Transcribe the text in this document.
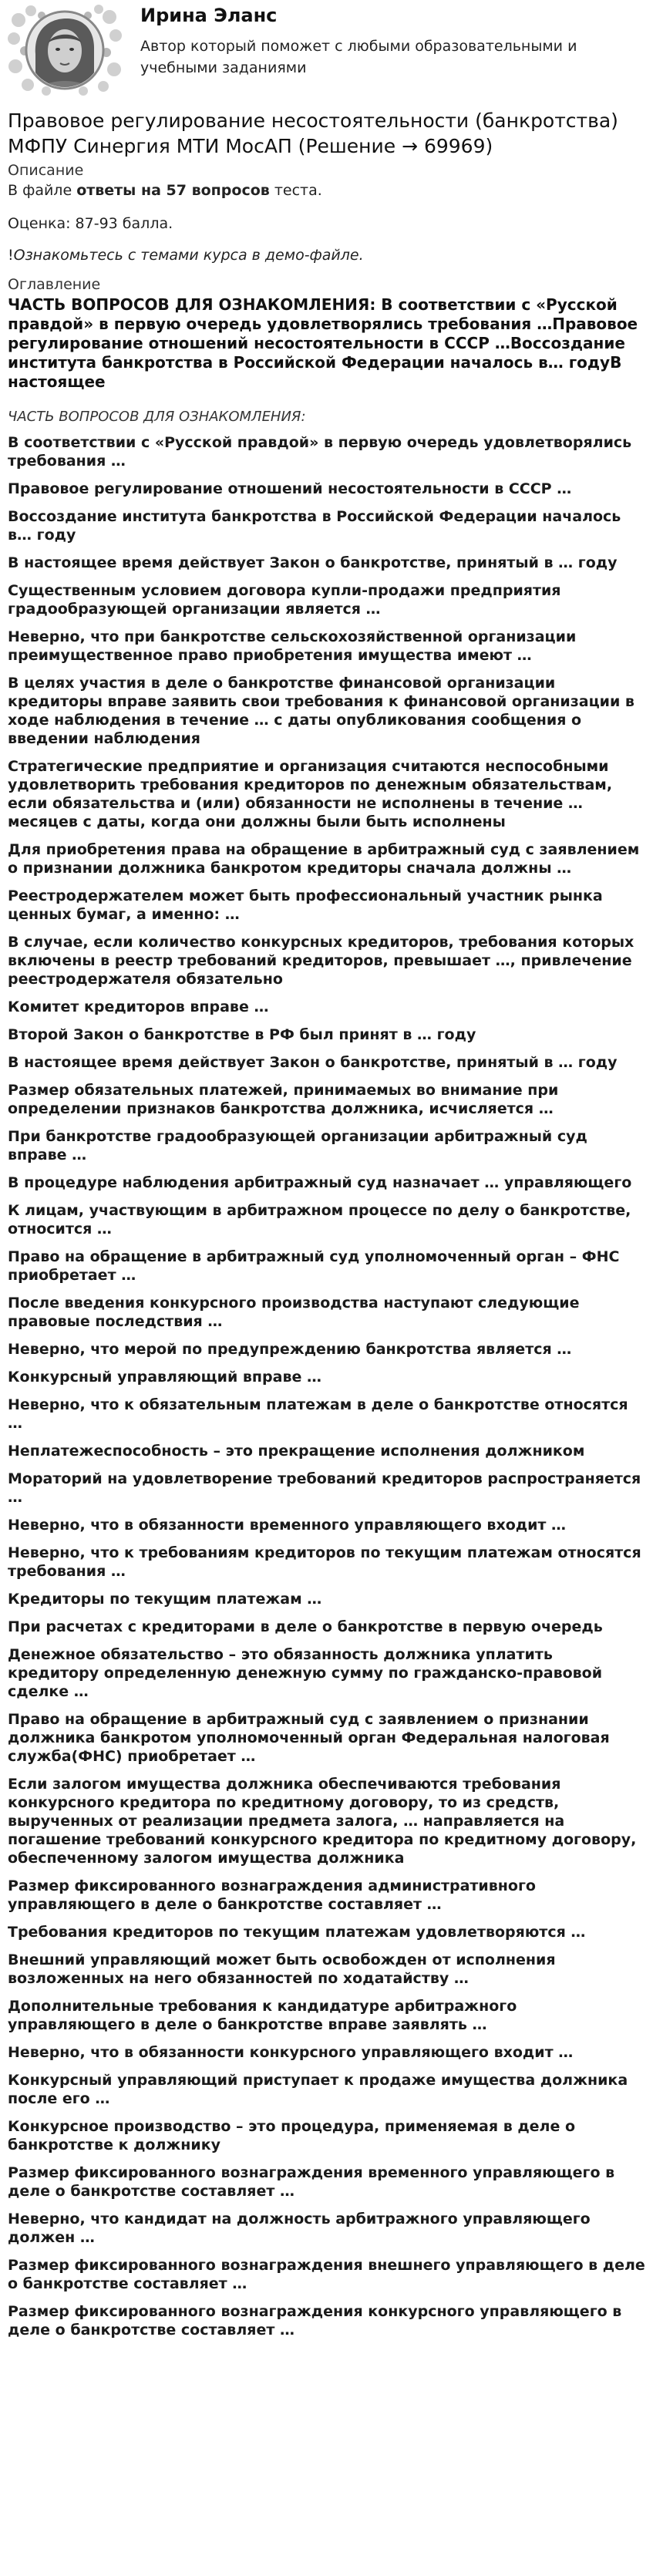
Ирина Эланс
Автор который поможет с любыми образовательными и учебными заданиями
Правовое регулирование несостоятельности (банкротства) МФПУ Синергия МТИ МосАП (Решение → 69969)
Описание
В файле ответы на 57 вопросов теста.
Оценка: 87-93 балла.
!Ознакомьтесь с темами курса в демо-файле.
Оглавление
ЧАСТЬ ВОПРОСОВ ДЛЯ ОЗНАКОМЛЕНИЯ: В соответствии с «Русской правдой» в первую очередь удовлетворялись требования …Правовое регулирование отношений несостоятельности в СССР …Воссоздание института банкротства в Российской Федерации началось в… годуВ настоящее
ЧАСТЬ ВОПРОСОВ ДЛЯ ОЗНАКОМЛЕНИЯ:

В соответствии с «Русской правдой» в первую очередь удовлетворялись требования …

Правовое регулирование отношений несостоятельности в СССР …

Воссоздание института банкротства в Российской Федерации началось в… году

В настоящее время действует Закон о банкротстве, принятый в … году

Существенным условием договора купли-продажи предприятия градообразующей организации является …

Неверно, что при банкротстве сельскохозяйственной организации преимущественное право приобретения имущества имеют …

В целях участия в деле о банкротстве финансовой организации кредиторы вправе заявить свои требования к финансовой организации в ходе наблюдения в течение … с даты опубликования сообщения о введении наблюдения

Стратегические предприятие и организация считаются неспособными удовлетворить требования кредиторов по денежным обязательствам, если обязательства и (или) обязанности не исполнены в течение … месяцев с даты, когда они должны были быть исполнены

Для приобретения права на обращение в арбитражный суд с заявлением о признании должника банкротом кредиторы сначала должны …

Реестродержателем может быть профессиональный участник рынка ценных бумаг, а именно: …

В случае, если количество конкурсных кредиторов, требования которых включены в реестр требований кредиторов, превышает …, привлечение реестродержателя обязательно

Комитет кредиторов вправе …

Второй Закон о банкротстве в РФ был принят в … году

В настоящее время действует Закон о банкротстве, принятый в … году

Размер обязательных платежей, принимаемых во внимание при определении признаков банкротства должника, исчисляется …

При банкротстве градообразующей организации арбитражный суд вправе …

В процедуре наблюдения арбитражный суд назначает … управляющего

К лицам, участвующим в арбитражном процессе по делу о банкротстве, относится …

Право на обращение в арбитражный суд уполномоченный орган – ФНС приобретает …

После введения конкурсного производства наступают следующие правовые последствия …

Неверно, что мерой по предупреждению банкротства является …

Конкурсный управляющий вправе …

Неверно, что к обязательным платежам в деле о банкротстве относятся …

Неплатежеспособность – это прекращение исполнения должником

Мораторий на удовлетворение требований кредиторов распространяется …

Неверно, что в обязанности временного управляющего входит …

Неверно, что к требованиям кредиторов по текущим платежам относятся требования …

Кредиторы по текущим платежам …

При расчетах с кредиторами в деле о банкротстве в первую очередь

Денежное обязательство – это обязанность должника уплатить кредитору определенную денежную сумму по гражданско-правовой сделке …

Право на обращение в арбитражный суд с заявлением о признании должника банкротом уполномоченный орган Федеральная налоговая служба(ФНС) приобретает …

Если залогом имущества должника обеспечиваются требования конкурсного кредитора по кредитному договору, то из средств, вырученных от реализации предмета залога, … направляется на погашение требований конкурсного кредитора по кредитному договору, обеспеченному залогом имущества должника

Размер фиксированного вознаграждения административного управляющего в деле о банкротстве составляет …

Требования кредиторов по текущим платежам удовлетворяются …

Внешний управляющий может быть освобожден от исполнения возложенных на него обязанностей по ходатайству …

Дополнительные требования к кандидатуре арбитражного управляющего в деле о банкротстве вправе заявлять …

Неверно, что в обязанности конкурсного управляющего входит …

Конкурсный управляющий приступает к продаже имущества должника после его …

Конкурсное производство – это процедура, применяемая в деле о банкротстве к должнику

Размер фиксированного вознаграждения временного управляющего в деле о банкротстве составляет …

Неверно, что кандидат на должность арбитражного управляющего должен …

Размер фиксированного вознаграждения внешнего управляющего в деле о банкротстве составляет …

Размер фиксированного вознаграждения конкурсного управляющего в деле о банкротстве составляет …
